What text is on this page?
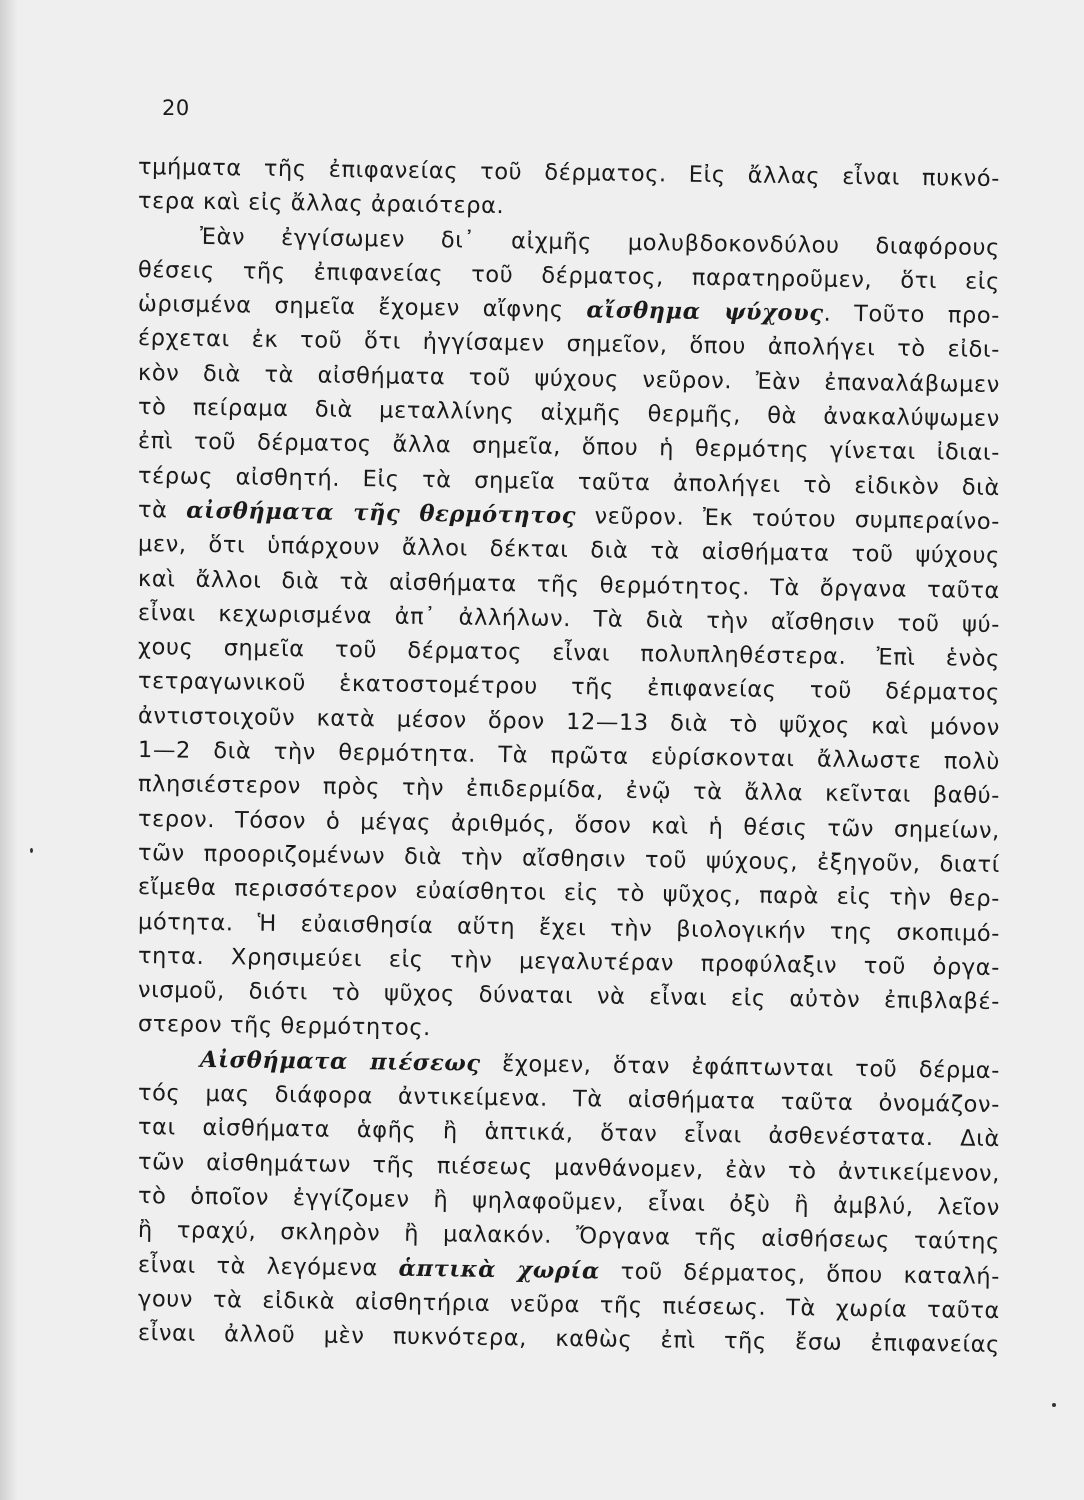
20
τμήματα τῆς ἐπιφανείας τοῦ δέρματος. Εἰς ἄλλας εἶναι πυκνό-
τερα καὶ εἰς ἄλλας ἀραιότερα.
Ἐὰν ἐγγίσωμεν δι᾽ αἰχμῆς μολυβδοκονδύλου διαφόρους
θέσεις τῆς ἐπιφανείας τοῦ δέρματος, παρατηροῦμεν, ὅτι εἰς
ὡρισμένα σημεῖα ἔχομεν αἴφνης αἴσθημα ψύχους. Τοῦτο προ-
έρχεται ἐκ τοῦ ὅτι ἠγγίσαμεν σημεῖον, ὅπου ἀπολήγει τὸ εἰδι-
κὸν διὰ τὰ αἰσθήματα τοῦ ψύχους νεῦρον. Ἐὰν ἐπαναλάβωμεν
τὸ πείραμα διὰ μεταλλίνης αἰχμῆς θερμῆς, θὰ ἀνακαλύψωμεν
ἐπὶ τοῦ δέρματος ἄλλα σημεῖα, ὅπου ἡ θερμότης γίνεται ἰδιαι-
τέρως αἰσθητή. Εἰς τὰ σημεῖα ταῦτα ἀπολήγει τὸ εἰδικὸν διὰ
τὰ αἰσθήματα τῆς θερμότητος νεῦρον. Ἐκ τούτου συμπεραίνο-
μεν, ὅτι ὑπάρχουν ἄλλοι δέκται διὰ τὰ αἰσθήματα τοῦ ψύχους
καὶ ἄλλοι διὰ τὰ αἰσθήματα τῆς θερμότητος. Τὰ ὄργανα ταῦτα
εἶναι κεχωρισμένα ἀπ᾽ ἀλλήλων. Τὰ διὰ τὴν αἴσθησιν τοῦ ψύ-
χους σημεῖα τοῦ δέρματος εἶναι πολυπληθέστερα. Ἐπὶ ἑνὸς
τετραγωνικοῦ ἑκατοστομέτρου τῆς ἐπιφανείας τοῦ δέρματος
ἀντιστοιχοῦν κατὰ μέσον ὅρον 12—13 διὰ τὸ ψῦχος καὶ μόνον
1—2 διὰ τὴν θερμότητα. Τὰ πρῶτα εὑρίσκονται ἄλλωστε πολὺ
πλησιέστερον πρὸς τὴν ἐπιδερμίδα, ἐνῷ τὰ ἄλλα κεῖνται βαθύ-
τερον. Τόσον ὁ μέγας ἀριθμός, ὅσον καὶ ἡ θέσις τῶν σημείων,
τῶν προοριζομένων διὰ τὴν αἴσθησιν τοῦ ψύχους, ἐξηγοῦν, διατί
εἴμεθα περισσότερον εὐαίσθητοι εἰς τὸ ψῦχος, παρὰ εἰς τὴν θερ-
μότητα. Ἡ εὐαισθησία αὕτη ἔχει τὴν βιολογικήν της σκοπιμό-
τητα. Χρησιμεύει εἰς τὴν μεγαλυτέραν προφύλαξιν τοῦ ὀργα-
νισμοῦ, διότι τὸ ψῦχος δύναται νὰ εἶναι εἰς αὐτὸν ἐπιβλαβέ-
στερον τῆς θερμότητος.
Αἰσθήματα πιέσεως ἔχομεν, ὅταν ἐφάπτωνται τοῦ δέρμα-
τός μας διάφορα ἀντικείμενα. Τὰ αἰσθήματα ταῦτα ὀνομάζον-
ται αἰσθήματα ἁφῆς ἢ ἁπτικά, ὅταν εἶναι ἀσθενέστατα. Διὰ
τῶν αἰσθημάτων τῆς πιέσεως μανθάνομεν, ἐὰν τὸ ἀντικείμενον,
τὸ ὁποῖον ἐγγίζομεν ἢ ψηλαφοῦμεν, εἶναι ὀξὺ ἢ ἀμβλύ, λεῖον
ἢ τραχύ, σκληρὸν ἢ μαλακόν. Ὄργανα τῆς αἰσθήσεως ταύτης
εἶναι τὰ λεγόμενα ἁπτικὰ χωρία τοῦ δέρματος, ὅπου καταλή-
γουν τὰ εἰδικὰ αἰσθητήρια νεῦρα τῆς πιέσεως. Τὰ χωρία ταῦτα
εἶναι ἀλλοῦ μὲν πυκνότερα, καθὼς ἐπὶ τῆς ἔσω ἐπιφανείας
